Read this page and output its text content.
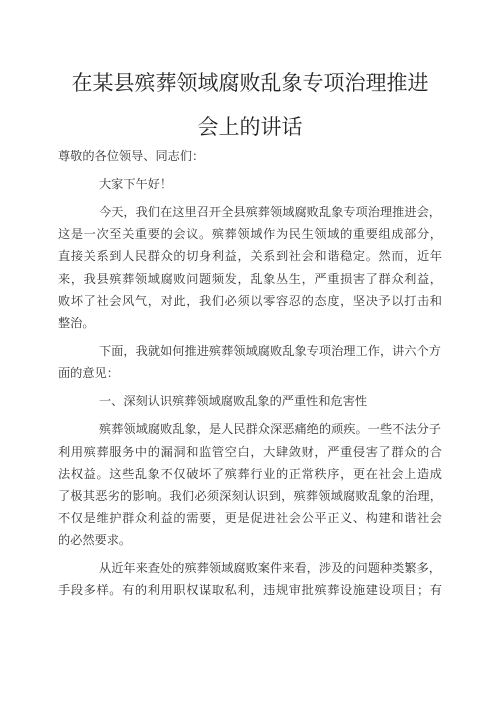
在某县殡葬领域腐败乱象专项治理推进
会上的讲话
尊敬的各位领导、同志们：
大家下午好！
今天，我们在这里召开全县殡葬领域腐败乱象专项治理推进会，
这是一次至关重要的会议。殡葬领域作为民生领域的重要组成部分，
直接关系到人民群众的切身利益，关系到社会和谐稳定。然而，近年
来，我县殡葬领域腐败问题频发，乱象丛生，严重损害了群众利益，
败坏了社会风气，对此，我们必须以零容忍的态度，坚决予以打击和
整治。
下面，我就如何推进殡葬领域腐败乱象专项治理工作，讲六个方
面的意见：
一、深刻认识殡葬领域腐败乱象的严重性和危害性
殡葬领域腐败乱象，是人民群众深恶痛绝的顽疾。一些不法分子
利用殡葬服务中的漏洞和监管空白，大肆敛财，严重侵害了群众的合
法权益。这些乱象不仅破坏了殡葬行业的正常秩序，更在社会上造成
了极其恶劣的影响。我们必须深刻认识到，殡葬领域腐败乱象的治理，
不仅是维护群众利益的需要，更是促进社会公平正义、构建和谐社会
的必然要求。
从近年来查处的殡葬领域腐败案件来看，涉及的问题种类繁多，
手段多样。有的利用职权谋取私利，违规审批殡葬设施建设项目；有
